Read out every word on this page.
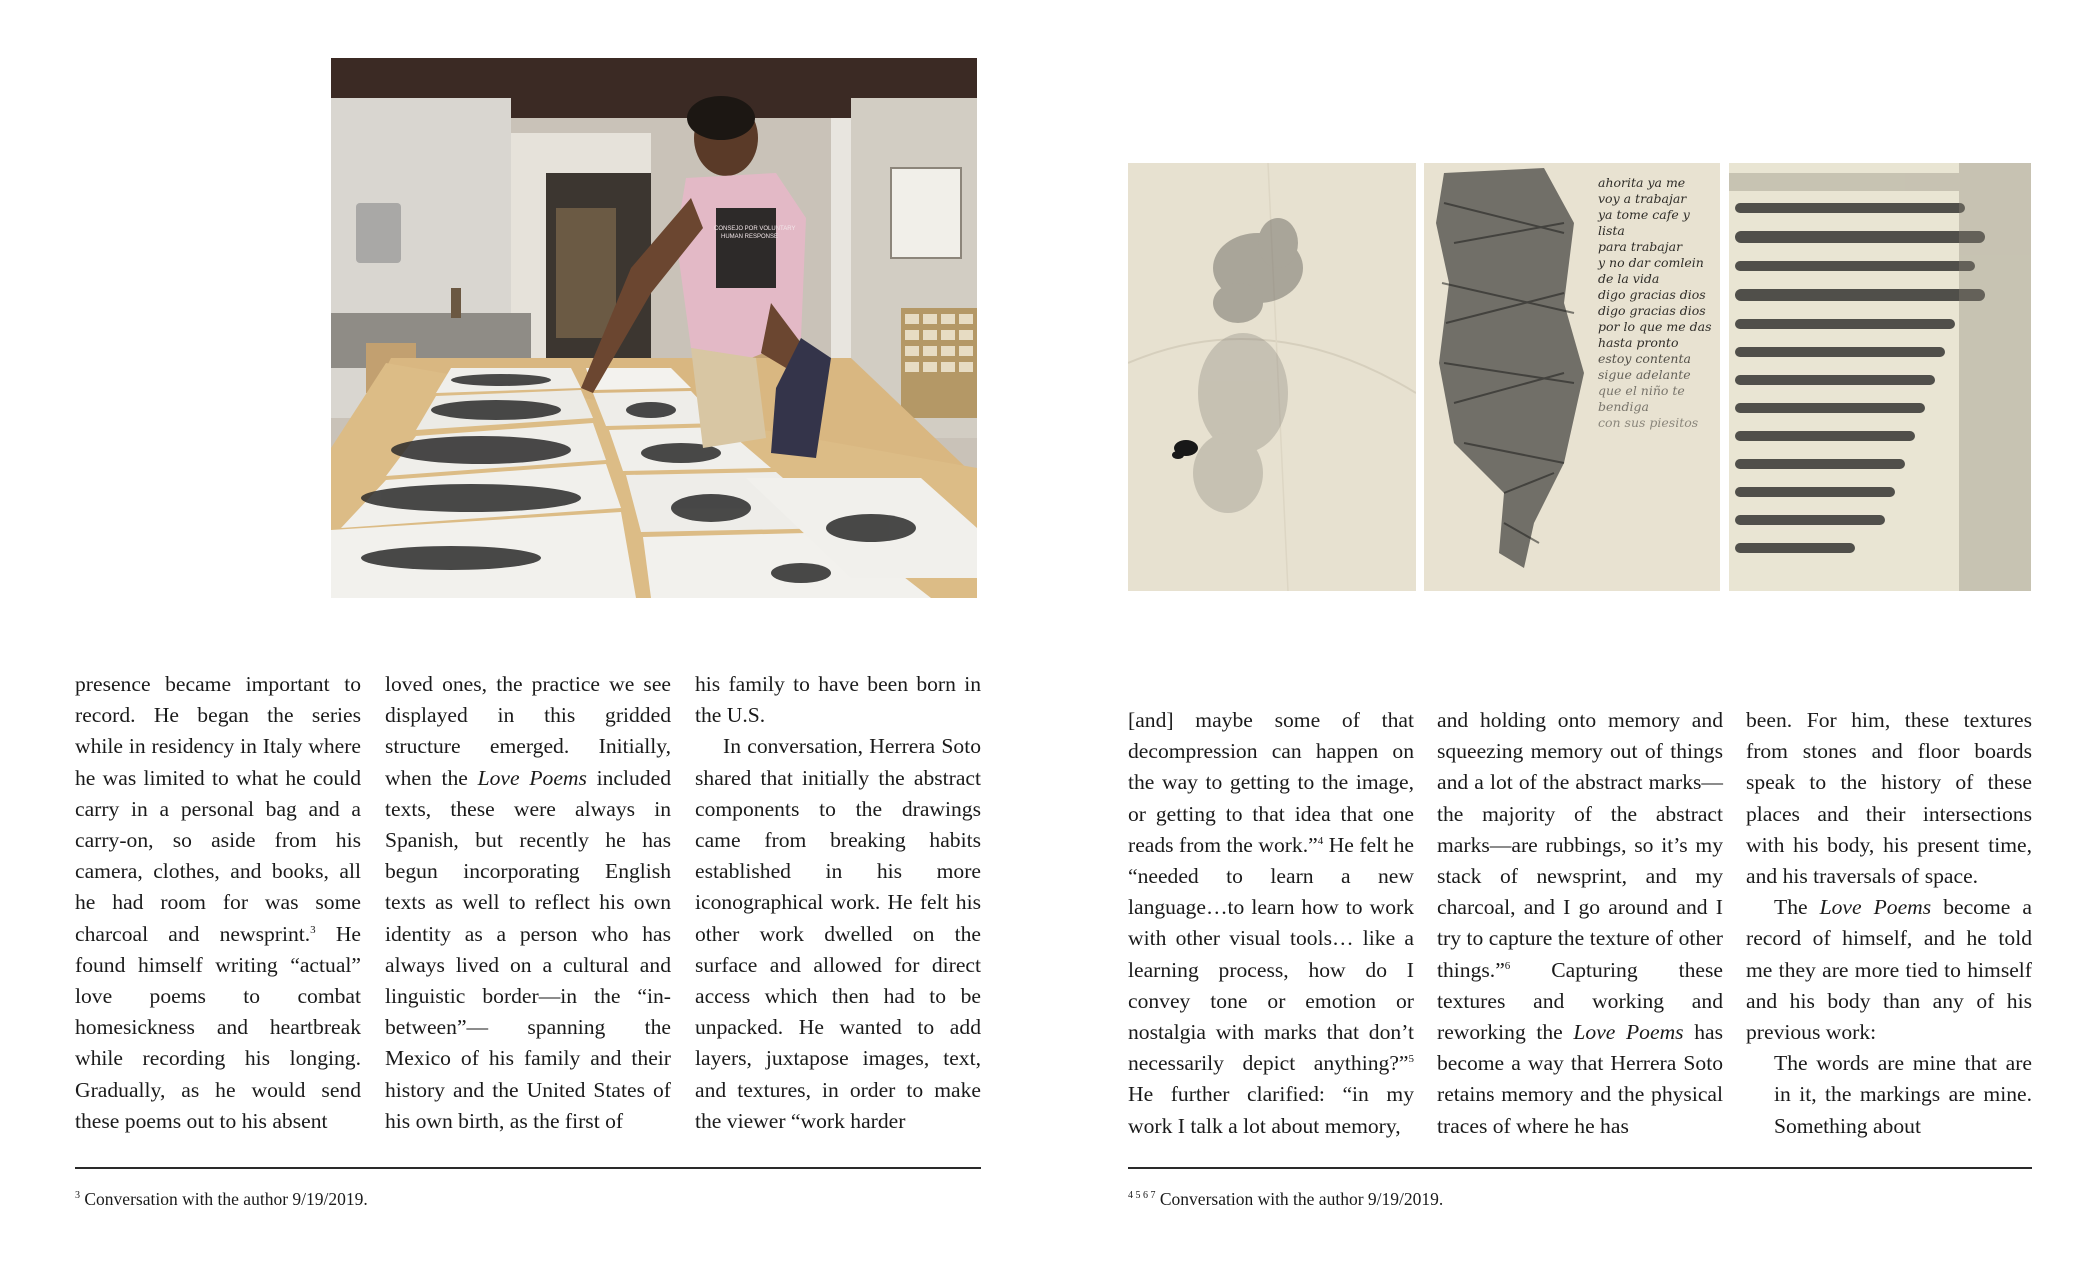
CONSEJO POR VOLUNTARY
HUMAN RESPONSE
ahorita ya me
voy a trabajar
ya tome cafe y lista
para trabajar
y no dar comlein
de la vida
digo gracias dios
digo gracias dios
por lo que me das
hasta pronto
estoy contenta
sigue adelante
que el niño te bendiga
con sus piesitos

presence became important to record. He began the series while in residency in Italy where he was limited to what he could carry in a personal bag and a carry-on, so aside from his camera, clothes, and books, all he had room for was some charcoal and newsprint.$^3$ He found himself writing “actual” love poems to combat homesickness and heartbreak while recording his longing. Gradually, as he would send these poems out to his absent

loved ones, the practice we see displayed in this gridded structure emerged. Initially, when the Love Poems included texts, these were always in Spanish, but recently he has begun incorporating English texts as well to reflect his own identity as a person who has always lived on a cultural and linguistic border—in the “in-between”— spanning the Mexico of his family and their history and the United States of his own birth, as the first of

his family to have been born in the U.S.

In conversation, Herrera Soto shared that initially the abstract components to the drawings came from breaking habits established in his more iconographical work. He felt his other work dwelled on the surface and allowed for direct access which then had to be unpacked. He wanted to add layers, juxtapose images, text, and textures, in order to make the viewer “work harder

$^3$ Conversation with the author 9/19/2019.

[and] maybe some of that decompression can happen on the way to getting to the image, or getting to that idea that one reads from the work.”$^4$ He felt he “needed to learn a new language…to learn how to work with other visual tools… like a learning process, how do I convey tone or emotion or nostalgia with marks that don’t necessarily depict anything?”$^5$ He further clarified: “in my work I talk a lot about memory,

and holding onto memory and squeezing memory out of things and a lot of the abstract marks—the majority of the abstract marks—are rubbings, so it’s my stack of newsprint, and my charcoal, and I go around and I try to capture the texture of other things.”$^6$ Capturing these textures and working and reworking the Love Poems has become a way that Herrera Soto retains memory and the physical traces of where he has

been. For him, these textures from stones and floor boards speak to the history of these places and their intersections with his body, his present time, and his traversals of space.

The Love Poems become a record of himself, and he told me they are more tied to himself and his body than any of his previous work:

The words are mine that are in it, the markings are mine. Something about

$^{4 5 6 7}$ Conversation with the author 9/19/2019.
